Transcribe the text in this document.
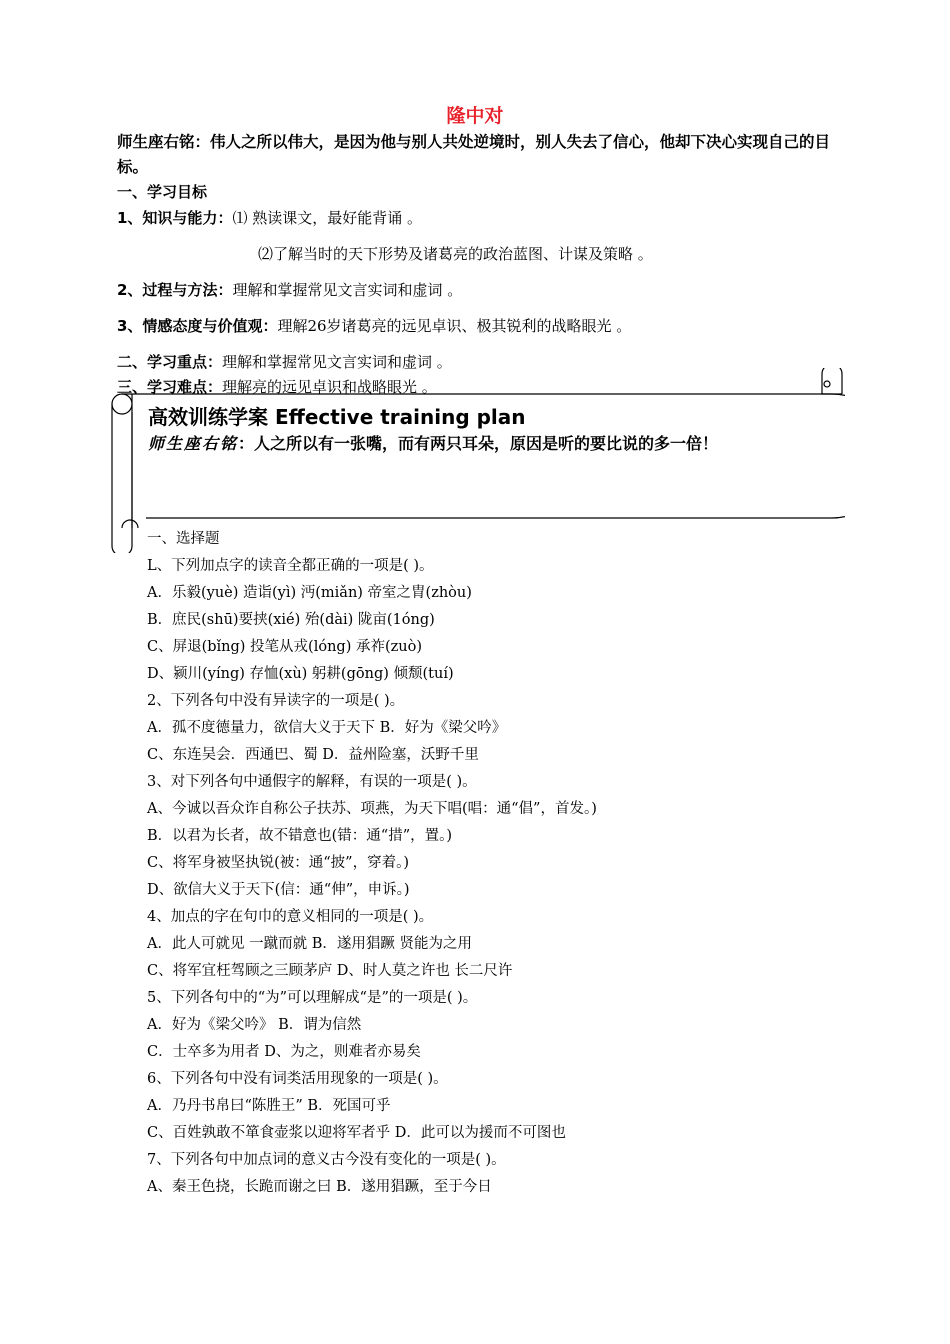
隆中对
师生座右铭：伟人之所以伟大，是因为他与别人共处逆境时，别人失去了信心，他却下决心实现自己的目标。
一、学习目标
1、知识与能力：⑴ 熟读课文，最好能背诵 。
⑵了解当时的天下形势及诸葛亮的政治蓝图、计谋及策略 。
2、过程与方法：理解和掌握常见文言实词和虚词 。
3、情感态度与价值观：理解26岁诸葛亮的远见卓识、极其锐利的战略眼光 。
二、学习重点：理解和掌握常见文言实词和虚词 。
三、学习难点：理解亮的远见卓识和战略眼光 。
高效训练学案 Effective training plan
师生座右铭：人之所以有一张嘴，而有两只耳朵，原因是听的要比说的多一倍！
一、选择题
L、下列加点字的读音全都正确的一项是( )。
A．乐毅(yuè) 造诣(yì) 沔(miǎn) 帝室之胄(zhòu)
B．庶民(shū)要挟(xié) 殆(dài) 陇亩(1óng)
C、屏退(bǐng) 投笔从戎(lóng) 承祚(zuò)
D、颍川(yíng) 存恤(xù) 躬耕(gōng) 倾颓(tuí)
2、下列各句中没有异读字的一项是( )。
A．孤不度德量力，欲信大义于天下 B．好为《梁父吟》
C、东连吴会．西通巴、蜀 D．益州险塞，沃野千里
3、对下列各句中通假字的解释，有误的一项是( )。
A、今诚以吾众诈自称公子扶苏、项燕，为天下唱(唱：通“倡”，首发。)
B．以君为长者，故不错意也(错：通“措”，置。)
C、将军身被坚执锐(被：通“披”，穿着。)
D、欲信大义于天下(信：通“伸”，申诉。)
4、加点的字在句巾的意义相同的一项是( )。
A．此人可就见 一蹴而就 B．遂用猖蹶 贤能为之用
C、将军宜枉驾顾之三顾茅庐 D、时人莫之许也 长二尺许
5、下列各句中的“为”可以理解成“是”的一项是( )。
A．好为《梁父吟》 B．谓为信然
C．士卒多为用者 D、为之，则难者亦易矣
6、下列各句中没有词类活用现象的一项是( )。
A．乃丹书帛曰“陈胜王” B．死国可乎
C、百姓孰敢不箪食壶浆以迎将军者乎 D．此可以为援而不可图也
7、下列各句中加点词的意义古今没有变化的一项是( )。
A、秦王色挠，长跪而谢之曰 B．遂用猖蹶，至于今日
